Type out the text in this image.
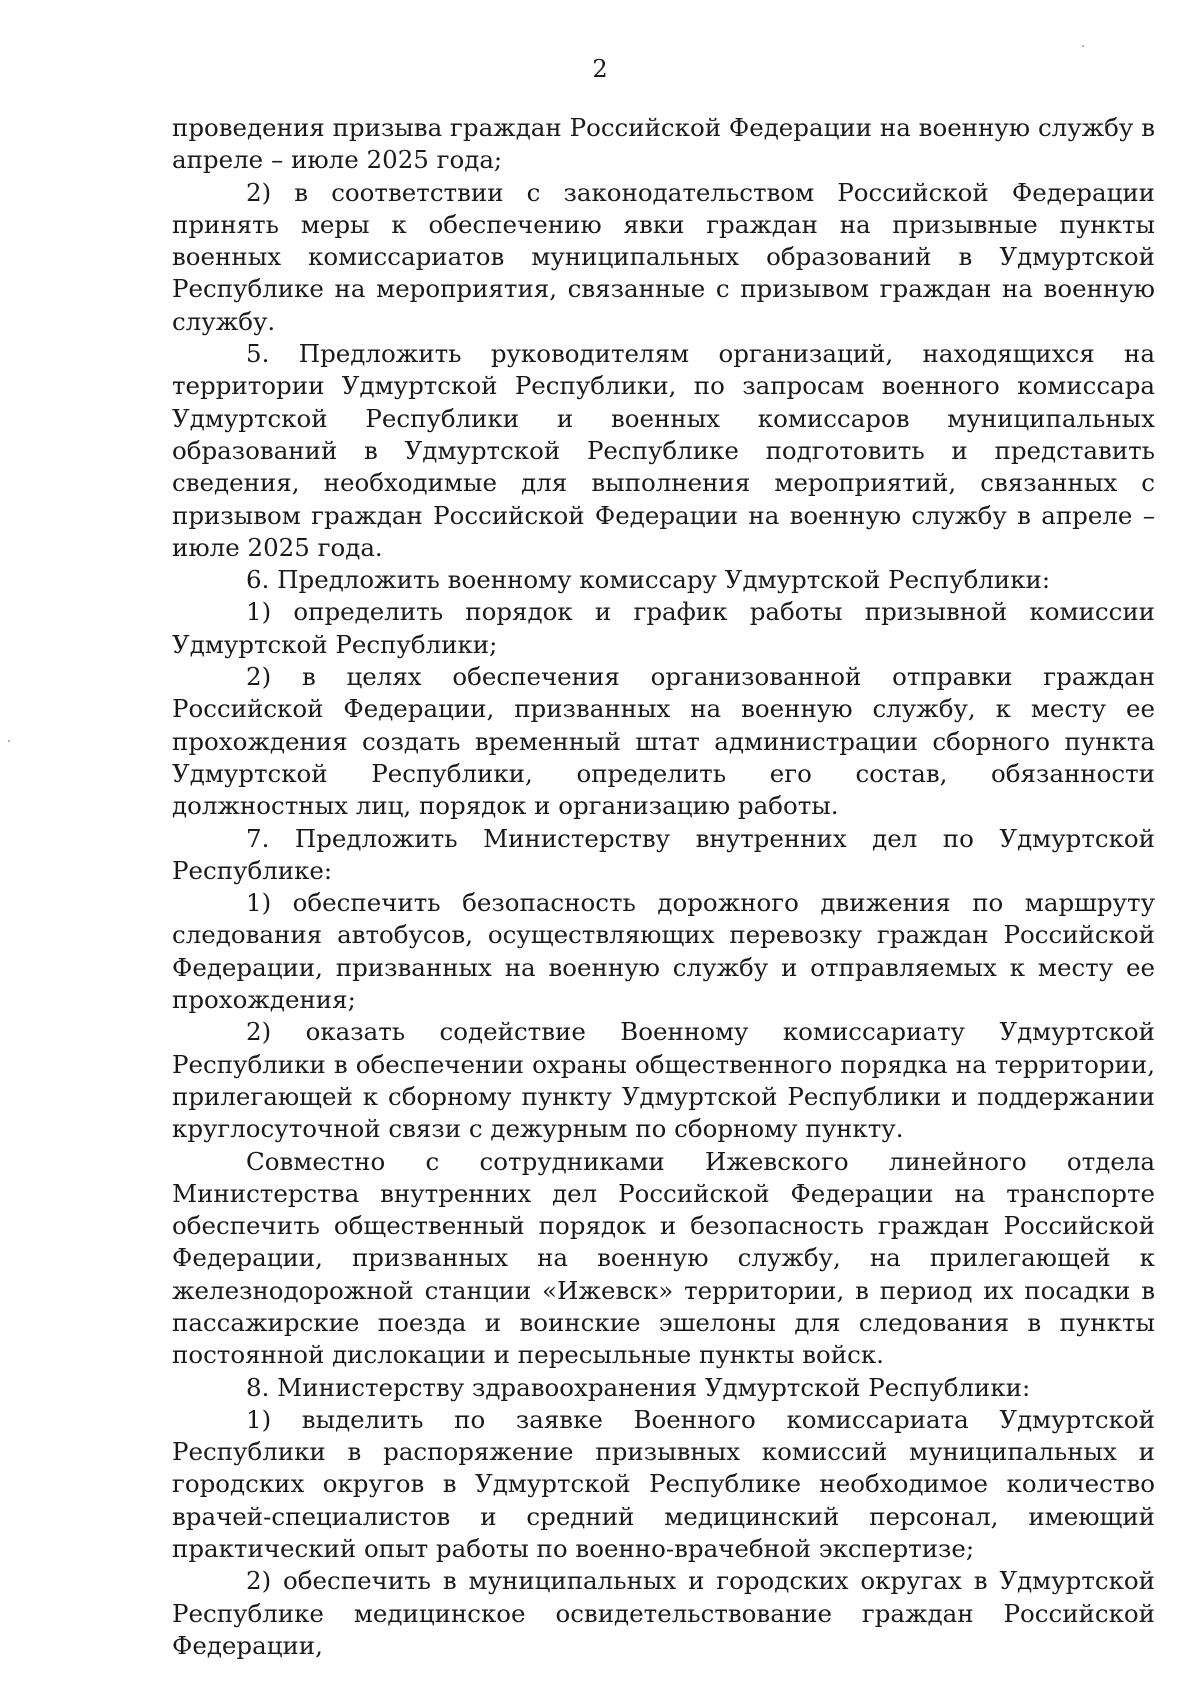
2

проведения призыва граждан Российской Федерации на военную службу в апреле – июле 2025 года;

2) в соответствии с законодательством Российской Федерации принять меры к обеспечению явки граждан на призывные пункты военных комиссариатов муниципальных образований в Удмуртской Республике на мероприятия, связанные с призывом граждан на военную службу.

5. Предложить руководителям организаций, находящихся на территории Удмуртской Республики, по запросам военного комиссара Удмуртской Республики и военных комиссаров муниципальных образований в Удмуртской Республике подготовить и представить сведения, необходимые для выполнения мероприятий, связанных с призывом граждан Российской Федерации на военную службу в апреле – июле 2025 года.

6. Предложить военному комиссару Удмуртской Республики:

1) определить порядок и график работы призывной комиссии Удмуртской Республики;

2) в целях обеспечения организованной отправки граждан Российской Федерации, призванных на военную службу, к месту ее прохождения создать временный штат администрации сборного пункта Удмуртской Республики, определить его состав, обязанности должностных лиц, порядок и организацию работы.

7. Предложить Министерству внутренних дел по Удмуртской Республике:

1) обеспечить безопасность дорожного движения по маршруту следования автобусов, осуществляющих перевозку граждан Российской Федерации, призванных на военную службу и отправляемых к месту ее прохождения;

2) оказать содействие Военному комиссариату Удмуртской Республики в обеспечении охраны общественного порядка на территории, прилегающей к сборному пункту Удмуртской Республики и поддержании круглосуточной связи с дежурным по сборному пункту.

Совместно с сотрудниками Ижевского линейного отдела Министерства внутренних дел Российской Федерации на транспорте обеспечить общественный порядок и безопасность граждан Российской Федерации, призванных на военную службу, на прилегающей к железнодорожной станции «Ижевск» территории, в период их посадки в пассажирские поезда и воинские эшелоны для следования в пункты постоянной дислокации и пересыльные пункты войск.

8. Министерству здравоохранения Удмуртской Республики:

1) выделить по заявке Военного комиссариата Удмуртской Республики в распоряжение призывных комиссий муниципальных и городских округов в Удмуртской Республике необходимое количество врачей-специалистов и средний медицинский персонал, имеющий практический опыт работы по военно-врачебной экспертизе;

2) обеспечить в муниципальных и городских округах в Удмуртской Республике медицинское освидетельствование граждан Российской Федерации,
